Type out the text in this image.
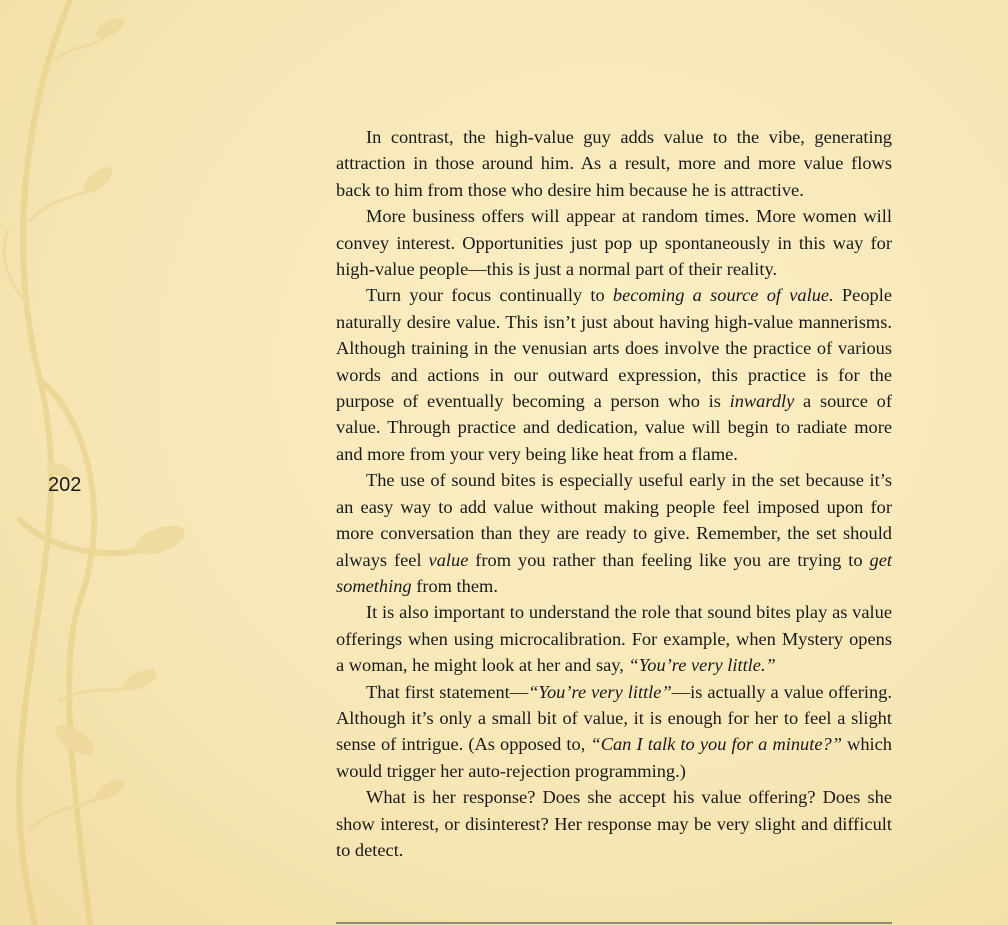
202

In contrast, the high-value guy adds value to the vibe, generating attraction in those around him. As a result, more and more value flows back to him from those who desire him because he is attractive.

More business offers will appear at random times. More women will convey interest. Opportunities just pop up spontaneously in this way for high-value people—this is just a normal part of their reality.

Turn your focus continually to becoming a source of value. People naturally desire value. This isn’t just about having high-value mannerisms. Although training in the venusian arts does involve the practice of various words and actions in our outward expression, this practice is for the purpose of eventually becoming a person who is inwardly a source of value. Through practice and dedication, value will begin to radiate more and more from your very being like heat from a flame.

The use of sound bites is especially useful early in the set because it’s an easy way to add value without making people feel imposed upon for more conversation than they are ready to give. Remember, the set should always feel value from you rather than feeling like you are trying to get something from them.

It is also important to understand the role that sound bites play as value offerings when using microcalibration. For example, when Mystery opens a woman, he might look at her and say, “You’re very little.”

That first statement—“You’re very little”—is actually a value offering. Although it’s only a small bit of value, it is enough for her to feel a slight sense of intrigue. (As opposed to, “Can I talk to you for a minute?” which would trigger her auto-rejection programming.)

What is her response? Does she accept his value offering? Does she show interest, or disinterest? Her response may be very slight and difficult to detect.
